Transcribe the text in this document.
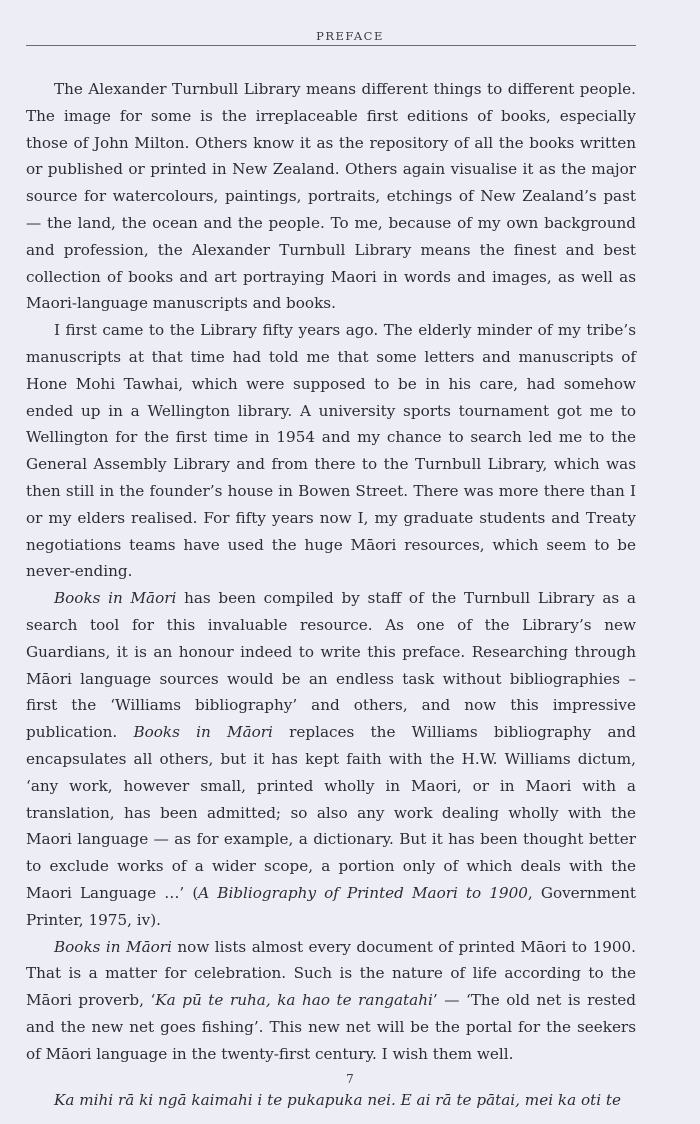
PREFACE

The Alexander Turnbull Library means different things to different people. The image for some is the irreplaceable first editions of books, especially those of John Milton. Others know it as the repository of all the books written or published or printed in New Zealand. Others again visualise it as the major source for watercolours, paintings, portraits, etchings of New Zealand’s past — the land, the ocean and the people. To me, because of my own background and profession, the Alexander Turnbull Library means the finest and best collection of books and art portraying Maori in words and images, as well as Maori-language manuscripts and books.

I first came to the Library fifty years ago. The elderly minder of my tribe’s manuscripts at that time had told me that some letters and manuscripts of Hone Mohi Tawhai, which were supposed to be in his care, had somehow ended up in a Wellington library. A university sports tournament got me to Wellington for the first time in 1954 and my chance to search led me to the General Assembly Library and from there to the Turnbull Library, which was then still in the founder’s house in Bowen Street. There was more there than I or my elders realised. For fifty years now I, my graduate students and Treaty negotiations teams have used the huge Māori resources, which seem to be never-ending.

Books in Māori has been compiled by staff of the Turnbull Library as a search tool for this invaluable resource. As one of the Library’s new Guardians, it is an honour indeed to write this preface. Researching through Māori language sources would be an endless task without bibliographies – first the ‘Williams bibliography’ and others, and now this impressive publication. Books in Māori replaces the Williams bibliography and encapsulates all others, but it has kept faith with the H.W. Williams dictum, ‘any work, however small, printed wholly in Maori, or in Maori with a translation, has been admitted; so also any work dealing wholly with the Maori language — as for example, a dictionary. But it has been thought better to exclude works of a wider scope, a portion only of which deals with the Maori Language …’ (A Bibliography of Printed Maori to 1900, Government Printer, 1975, iv).

Books in Māori now lists almost every document of printed Māori to 1900. That is a matter for celebration. Such is the nature of life according to the Māori proverb, ‘Ka pū te ruha, ka hao te rangatahi’ — ‘The old net is rested and the new net goes fishing’. This new net will be the portal for the seekers of Māori language in the twenty-first century. I wish them well.

Ka mihi rā ki ngā kaimahi i te pukapuka nei. E ai rā te pātai, mei ka oti te

7
